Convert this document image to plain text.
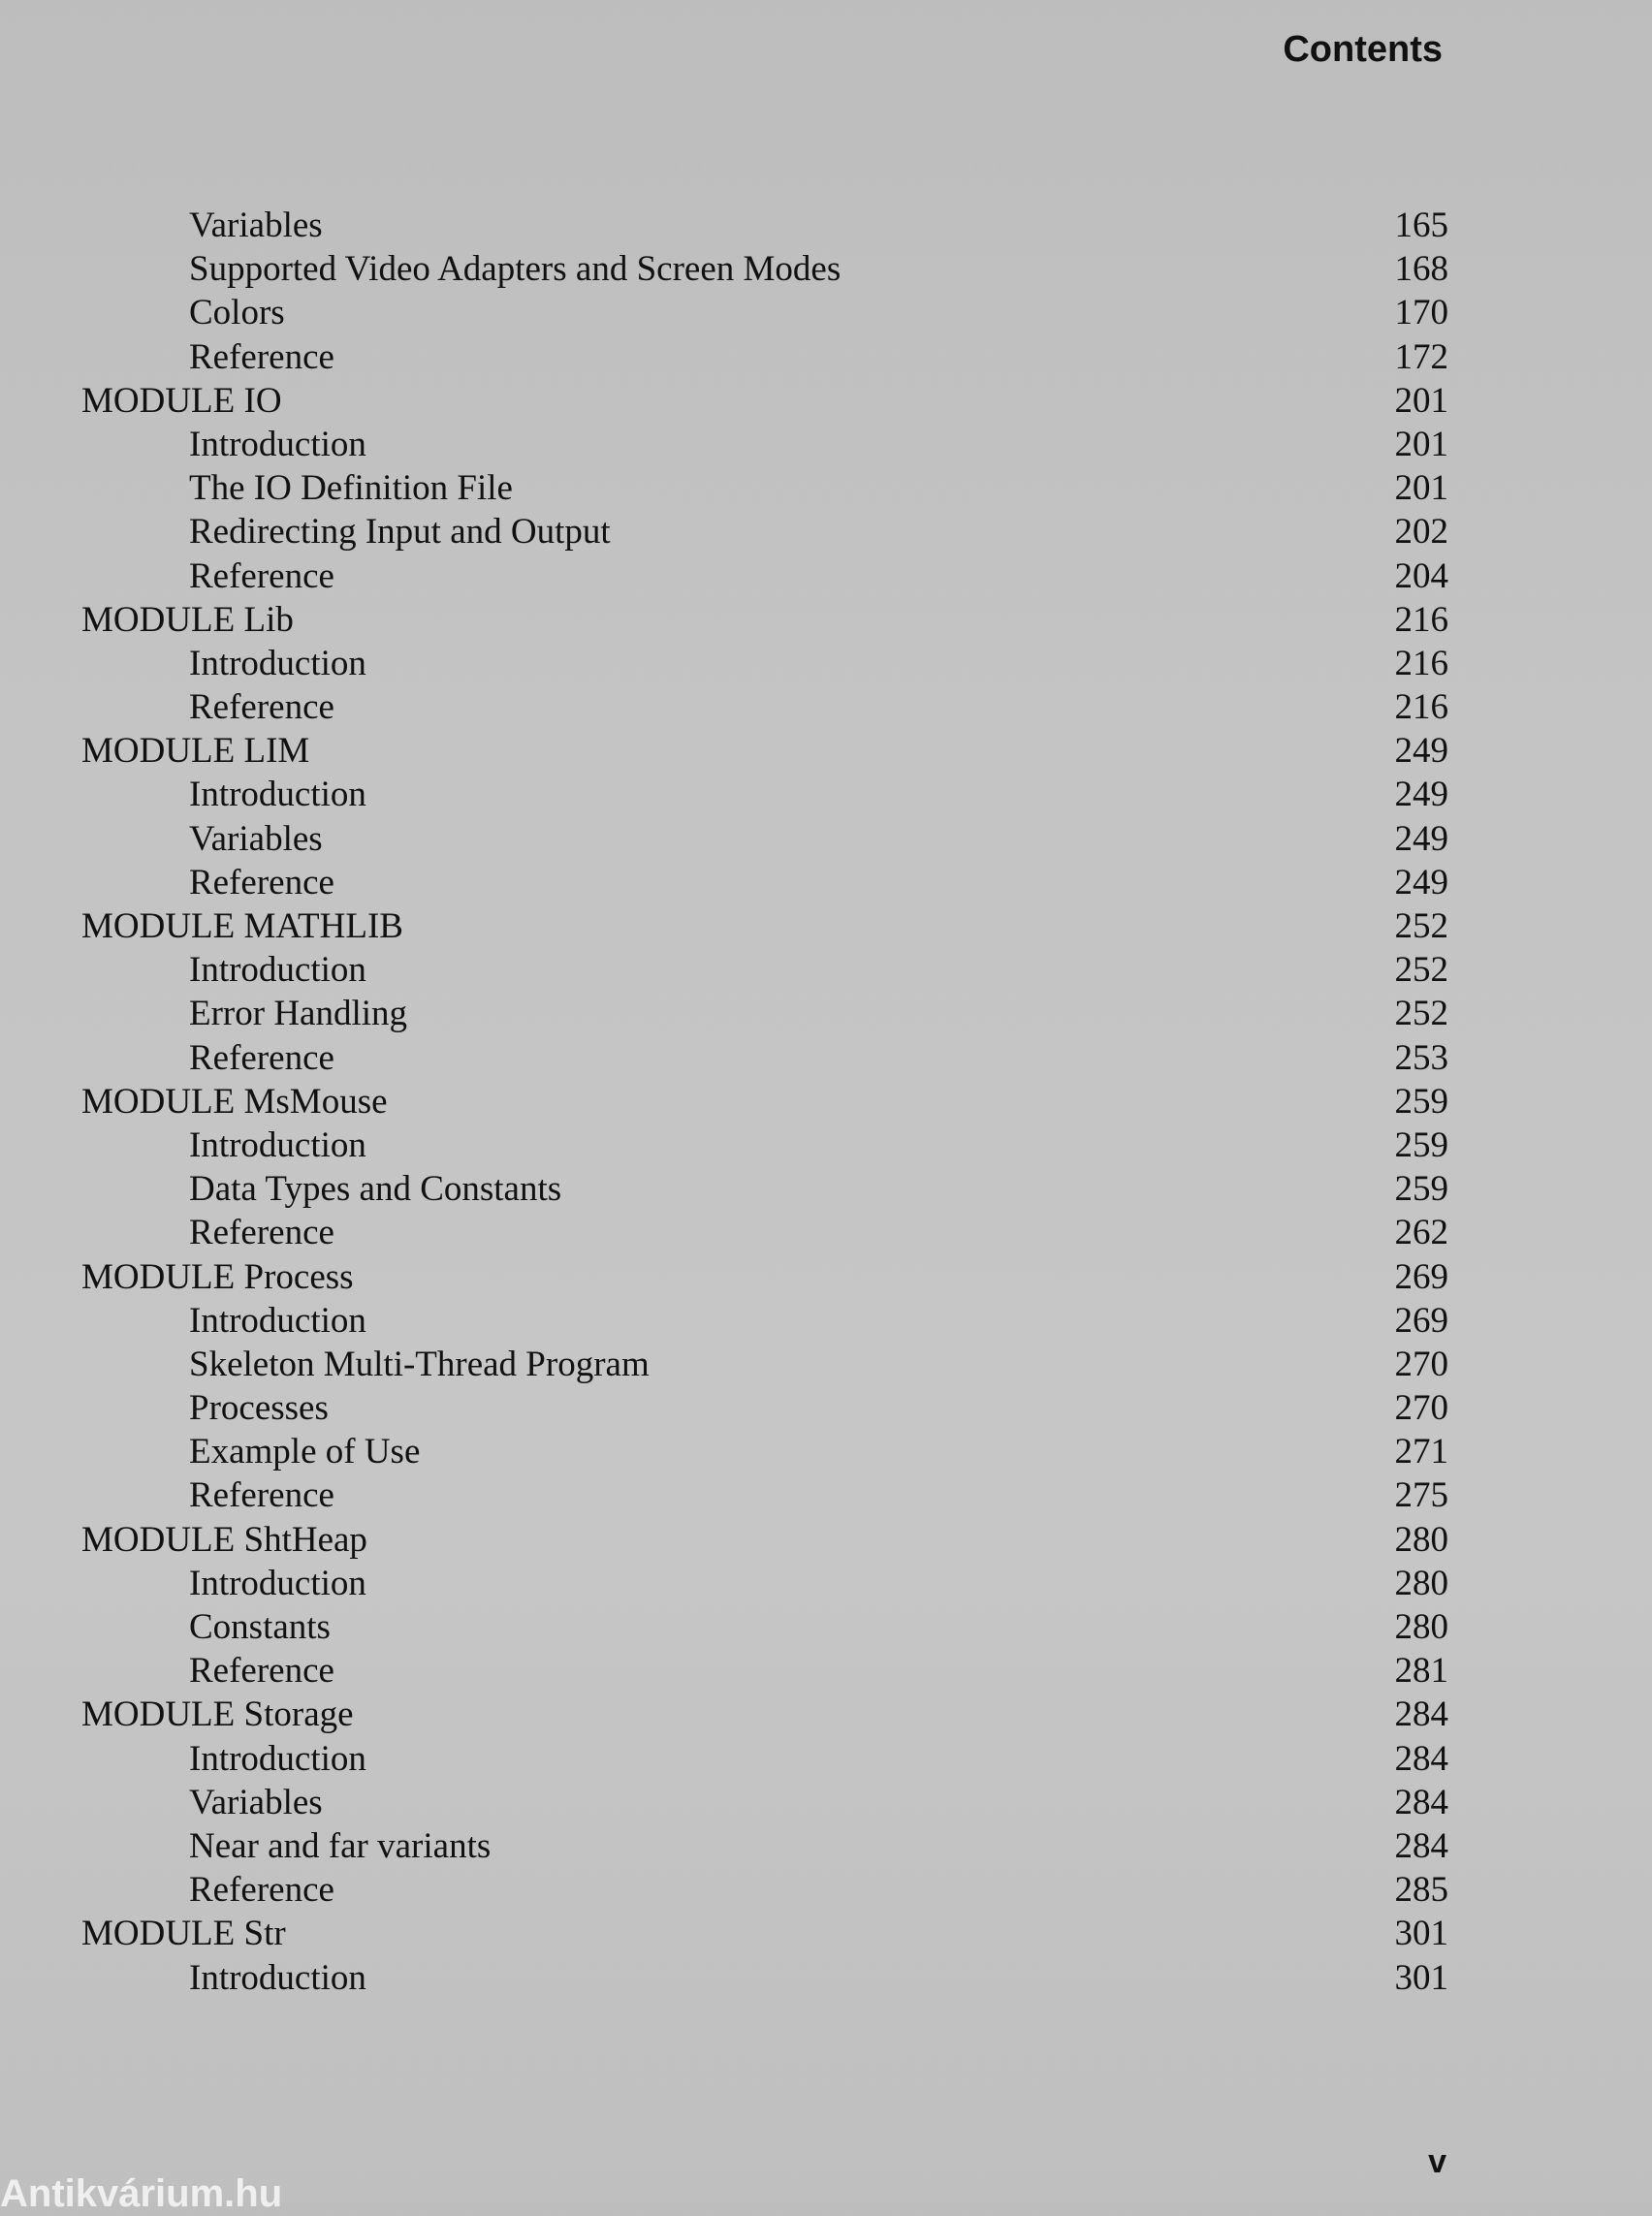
Contents
Variables	165
Supported Video Adapters and Screen Modes	168
Colors	170
Reference	172
MODULE IO	201
Introduction	201
The IO Definition File	201
Redirecting Input and Output	202
Reference	204
MODULE Lib	216
Introduction	216
Reference	216
MODULE LIM	249
Introduction	249
Variables	249
Reference	249
MODULE MATHLIB	252
Introduction	252
Error Handling	252
Reference	253
MODULE MsMouse	259
Introduction	259
Data Types and Constants	259
Reference	262
MODULE Process	269
Introduction	269
Skeleton Multi-Thread Program	270
Processes	270
Example of Use	271
Reference	275
MODULE ShtHeap	280
Introduction	280
Constants	280
Reference	281
MODULE Storage	284
Introduction	284
Variables	284
Near and far variants	284
Reference	285
MODULE Str	301
Introduction	301
v
Antikvárium.hu
